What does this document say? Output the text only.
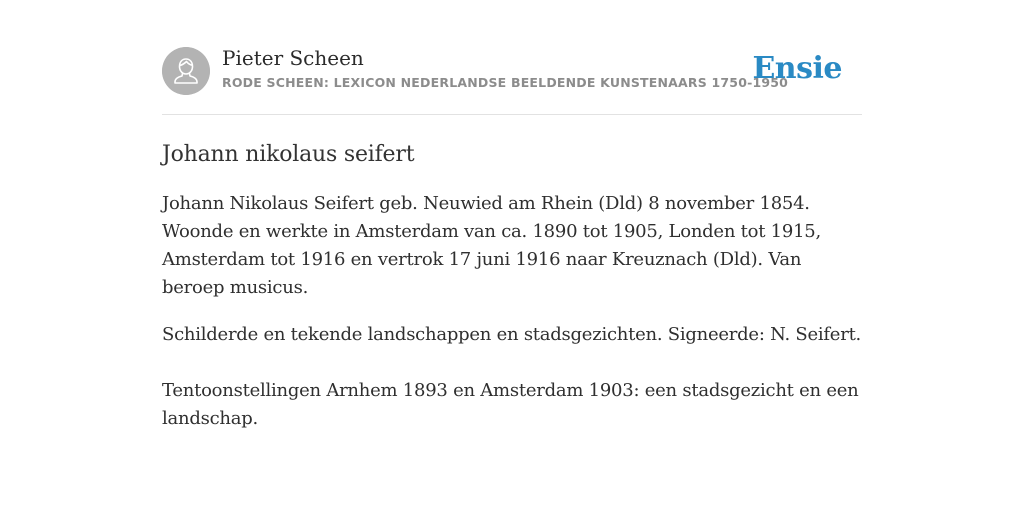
Pieter Scheen
RODE SCHEEN: LEXICON NEDERLANDSE BEELDENDE KUNSTENAARS 1750-1950
Ensie
Johann nikolaus seifert

Johann Nikolaus Seifert geb. Neuwied am Rhein (Dld) 8 november 1854. Woonde en werkte in Amsterdam van ca. 1890 tot 1905, Londen tot 1915, Amsterdam tot 1916 en vertrok 17 juni 1916 naar Kreuznach (Dld). Van beroep musicus.

Schilderde en tekende landschappen en stadsgezichten. Signeerde: N. Seifert.

Tentoonstellingen Arnhem 1893 en Amsterdam 1903: een stadsgezicht en een landschap.
